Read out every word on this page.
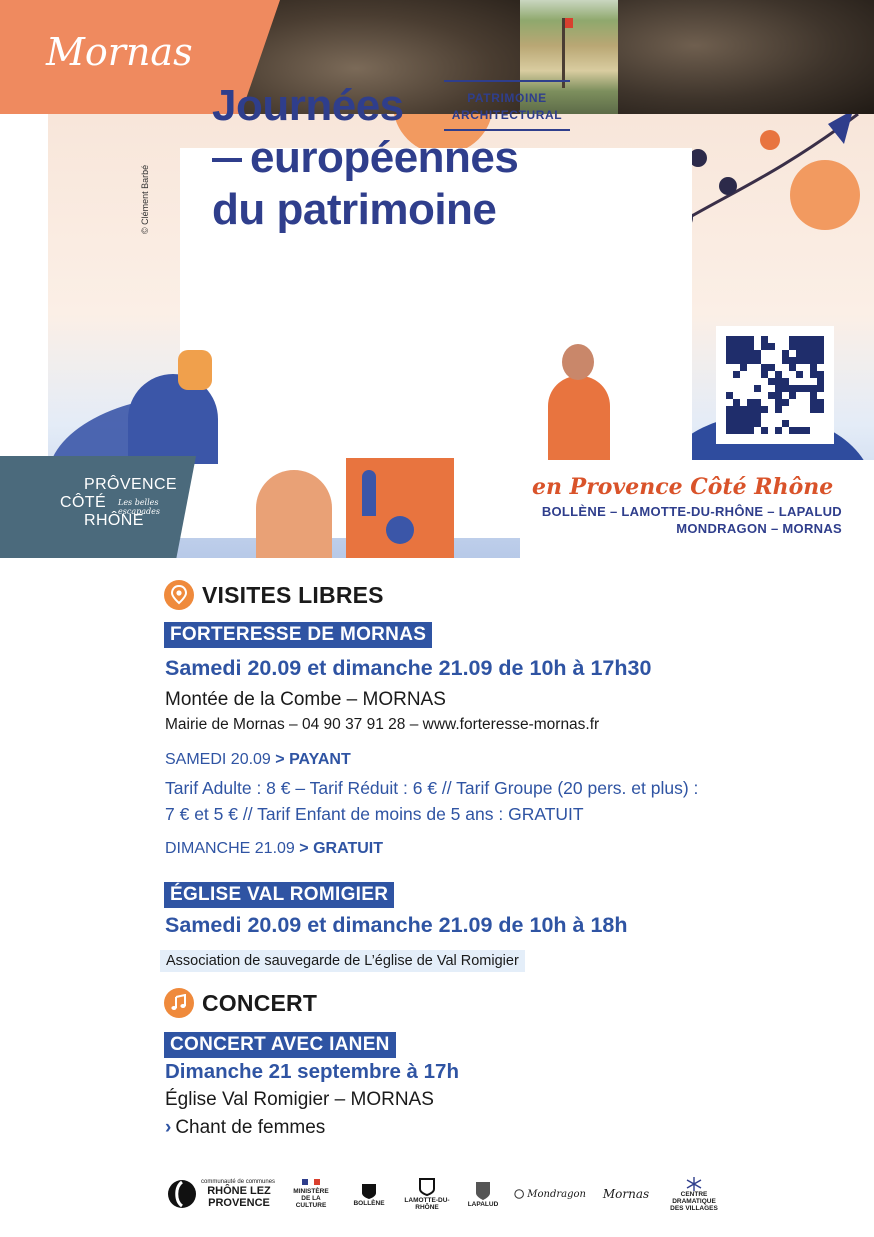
Mornas
Journées
européennes
du patrimoine
PATRIMOINE
ARCHITECTURAL
© Clément Barbé
PRÔVENCE
CÔTÉ
RHÔNE
Les belles escapades
en Provence Côté Rhône
BOLLÈNE – LAMOTTE-DU-RHÔNE – LAPALUD
MONDRAGON – MORNAS
VISITES LIBRES
FORTERESSE DE MORNAS
Samedi 20.09 et dimanche 21.09 de 10h à 17h30
Montée de la Combe – MORNAS
Mairie de Mornas – 04 90 37 91 28 – www.forteresse-mornas.fr
SAMEDI 20.09 > PAYANT
Tarif Adulte : 8 € – Tarif Réduit : 6 € // Tarif Groupe (20 pers. et plus) :
7 € et 5 € // Tarif Enfant de moins de 5 ans : GRATUIT
DIMANCHE 21.09 > GRATUIT
ÉGLISE VAL ROMIGIER
Samedi 20.09 et dimanche 21.09 de 10h à 18h
Association de sauvegarde de L’église de Val Romigier
CONCERT
CONCERT AVEC IANEN
Dimanche 21 septembre à 17h
Église Val Romigier – MORNAS
› Chant de femmes
communauté de communes
RHÔNE LEZ PROVENCE
MINISTÈRE DE LA CULTURE	BOLLÈNE	LAMOTTE-DU-RHÔNE	LAPALUD
Mondragon Mornas	CENTRE DRAMATIQUE DES VILLAGES
